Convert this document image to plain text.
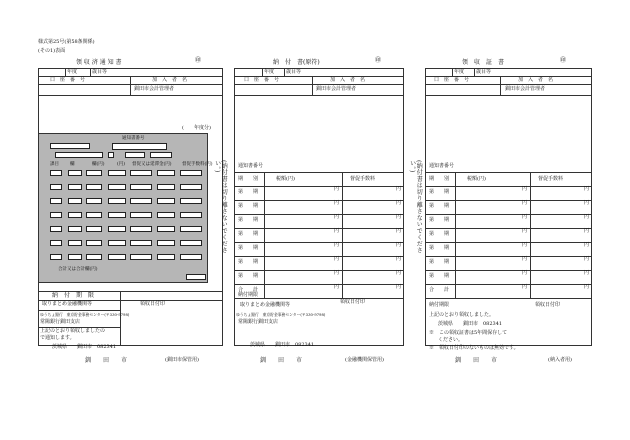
様式第25号(第58条関係)
(その1)表面
領 収 済 通 知 書	㊞
年度	歳目等
口　座　番　号	加　入　者　名
釧田市会計管理者
(　　年度分)
通知書番号
課目 欄	欄(円)	(円) 督促又は延滞金(円) 督促手数料(円)
合計又は合計欄(円)
納　付　期　限
取りまとめ金融機関等	領収日付印
ゆうちょ銀行　東京貯金事務センター(〒330-9798)
常陽銀行釧田支店
上記のとおり領収しましたの
で通知します。
茨城県　　釧田市　082341
釧　　田　　市	(釧田市保管用)
(納付書は切り離さないでください。)
納　付　書(原符)	㊞
年度 歳目等
口　座　番　号	加　入　者　名
釧田市会計管理者
通知書番号
期　　別	税額(円)	督促手数料
第　　期	円	円
第　　期	円	円
第　　期	円	円
第　　期	円	円
第　　期	円	円
第　　期	円	円
第　　期	円	円
合　　計	円	円
納付期限
領収日付印
取りまとめ金融機関等
ゆうちょ銀行　東京貯金事務センター(〒330-9798)
常陽銀行釧田支店
茨城県　　釧田市　082341
釧　　田　　市	(金融機関保管用)
(納付書は切り離さないでください。)
領　収　証　書	㊞
年度 歳目等
口　座　番　号	加　入　者　名
釧田市会計管理者
通知書番号
期　　別	税額(円)	督促手数料
第　　期	円	円
第　　期	円	円
第　　期	円	円
第　　期	円	円
第　　期	円	円
第　　期	円	円
第　　期	円	円
合　　計	円	円
納付期限	領収日付印
上記のとおり領収しました。
茨城県　　釧田市　082341
※　この領収証書は5年間保存して
ください。
※　領収日付印のないものは無効です。
釧　　田　　市	(納入者用)
